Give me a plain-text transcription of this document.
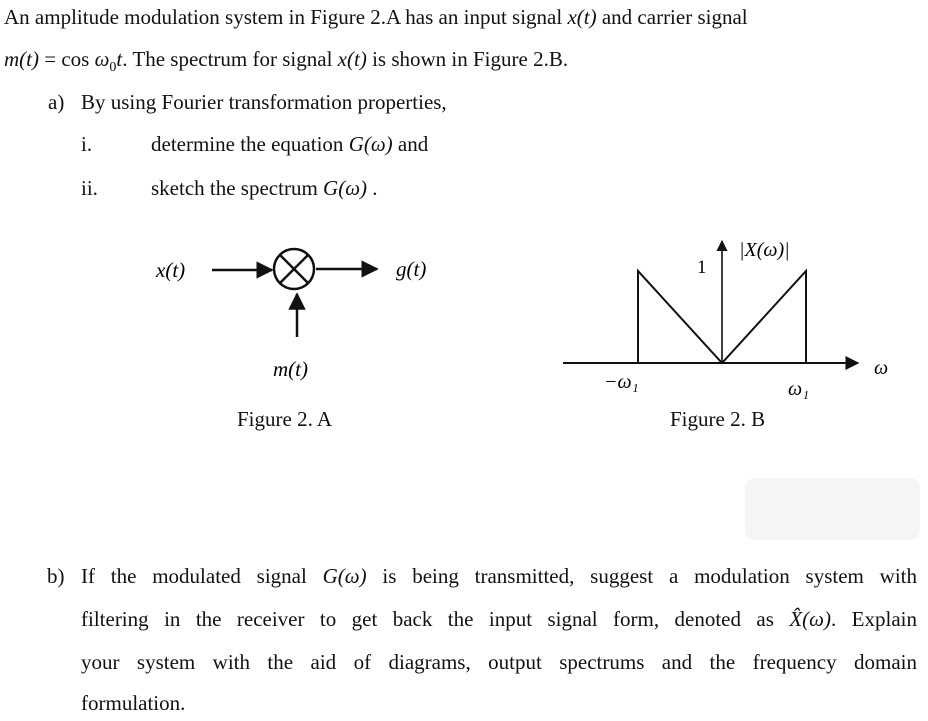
An amplitude modulation system in Figure 2.A has an input signal x(t) and carrier signal
$m(t) = \cos \omega_0t$. The spectrum for signal x(t) is shown in Figure 2.B.
a) By using Fourier transformation properties,
i.	determine the equation G(ω) and
ii.	sketch the spectrum G(ω) .
x(t)	g(t)
m(t)
1
|X(ω)|
ω
−ω₁	ω₁
Figure 2. A	Figure 2. B
b) If the modulated signal G(ω) is being transmitted, suggest a modulation system with
filtering in the receiver to get back the input signal form, denoted as X̂(ω). Explain
your system with the aid of diagrams, output spectrums and the frequency domain
formulation.
